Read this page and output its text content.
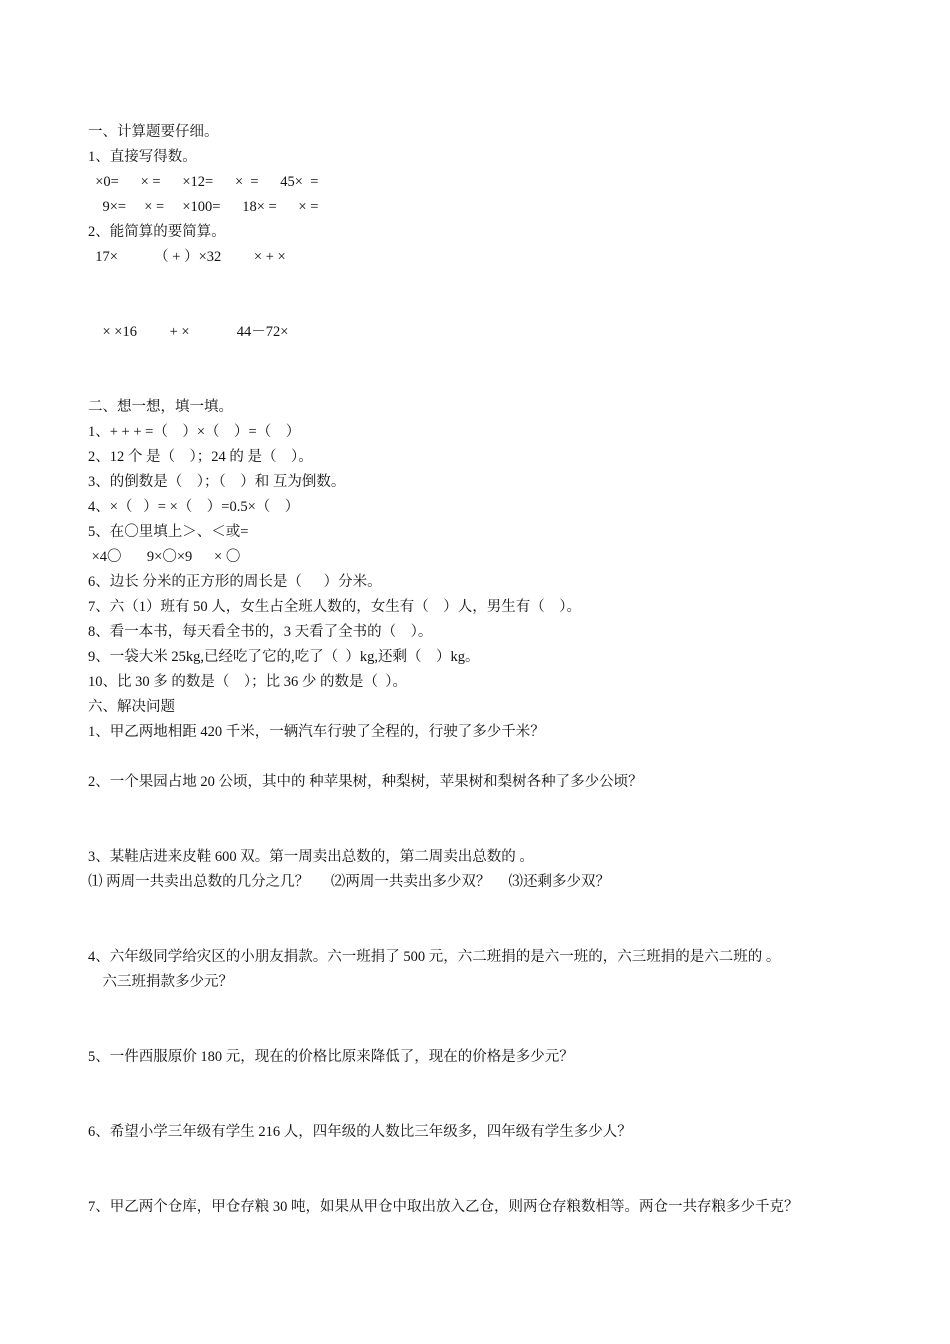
一、计算题要仔细。
1、直接写得数。
×0=      × =      ×12=      ×  =      45×  =
9×=     × =     ×100=      18× =      × =
2、能简算的要简算。
17×          （ + ）×32         × + ×
× ×16         + ×             44－72×
二、想一想，填一填。
1、+ + + =（    ）×（    ）=（    ）
2、12 个 是（    ）；24 的 是（    ）。
3、的倒数是（    ）；（    ）和 互为倒数。
4、×（   ）= ×（    ）=0.5×（    ）
5、在〇里填上＞、＜或=
×4〇       9×〇×9      × 〇
6、边长 分米的正方形的周长是（      ）分米。
7、六（1）班有 50 人，女生占全班人数的，女生有（    ）人，男生有（    ）。
8、看一本书，每天看全书的，3 天看了全书的（    ）。
9、一袋大米 25kg,已经吃了它的,吃了（  ）kg,还剩（    ）kg。
10、比 30 多 的数是（    ）；比 36 少 的数是（  ）。
六、解决问题
1、甲乙两地相距 420 千米，一辆汽车行驶了全程的，行驶了多少千米？
2、一个果园占地 20 公顷，其中的 种苹果树，种梨树，苹果树和梨树各种了多少公顷？
3、某鞋店进来皮鞋 600 双。第一周卖出总数的，第二周卖出总数的 。
⑴ 两周一共卖出总数的几分之几？      ⑵两周一共卖出多少双？     ⑶还剩多少双？
4、六年级同学给灾区的小朋友捐款。六一班捐了 500 元，六二班捐的是六一班的，六三班捐的是六二班的 。
六三班捐款多少元？
5、一件西服原价 180 元，现在的价格比原来降低了，现在的价格是多少元？
6、希望小学三年级有学生 216 人，四年级的人数比三年级多，四年级有学生多少人？
7、甲乙两个仓库，甲仓存粮 30 吨，如果从甲仓中取出放入乙仓，则两仓存粮数相等。两仓一共存粮多少千克？
